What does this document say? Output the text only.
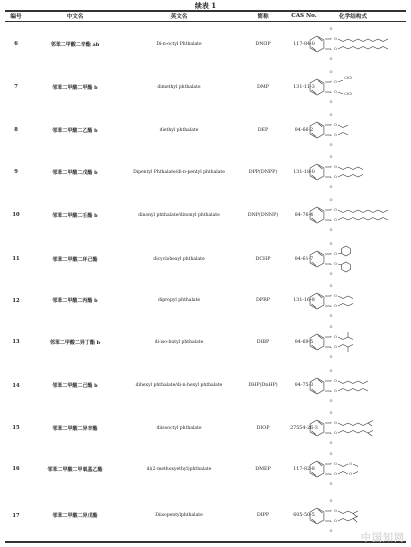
续表 1
编号	中文名	英文名	简称	CAS No.	化学结构式
6	邻苯二甲酸二辛酯 ab	Di-n-octyl Phthalate	DNOP	117-84-0
O
O
O
O
7	邻苯二甲酸二甲酯 b	dimethyl phthalate	DMP	131-11-3
O
O
CH3
O
O CH3
8	邻苯二甲酸二乙酯 b	diethyl phthalate	DEP	84-66-2
O
O
O
O
9	邻苯二甲酸二戊酯 b	Dipentyl Phthalate/di-n-pentyl phthalate	DPP(DNPP)	131-18-0
O
O
O
O
10	邻苯二甲酸二壬酯 b	dinonyl phthalate/dinonyl phthalate	DNP(DNNP)	84-76-4
O
O
O
O
11	邻苯二甲酸二环己酯	dicyclohexyl phthalate	DCHP	84-61-7
O
O
O
O
12	邻苯二甲酸二丙酯 b	dipropyl phthalate	DPRP	131-16-8
O
O
O
O
13	邻苯二甲酸二异丁酯 b	di-iso-butyl phthalate	DIBP	84-69-5
O
O
O
O
14	邻苯二甲酸二己酯 b	dihexyl phthalate/di-n-hexyl phthalate	DHP(DnHP)	84-75-3
O
O
O
O
15	邻苯二甲酸二异辛酯	diisooctyl phthalate	DIOP	27554-26-3
O
O
O
O
16	邻苯二甲酸二甲氧基乙酯	di(2-methoxyethyl)phthalate	DMEP	117-82-8
O
O	O
O
O	O
17	邻苯二甲酸二异戊酯	Diisopentylphthalate	DIPP	605-50-5
O
O
O
O
中国知网
